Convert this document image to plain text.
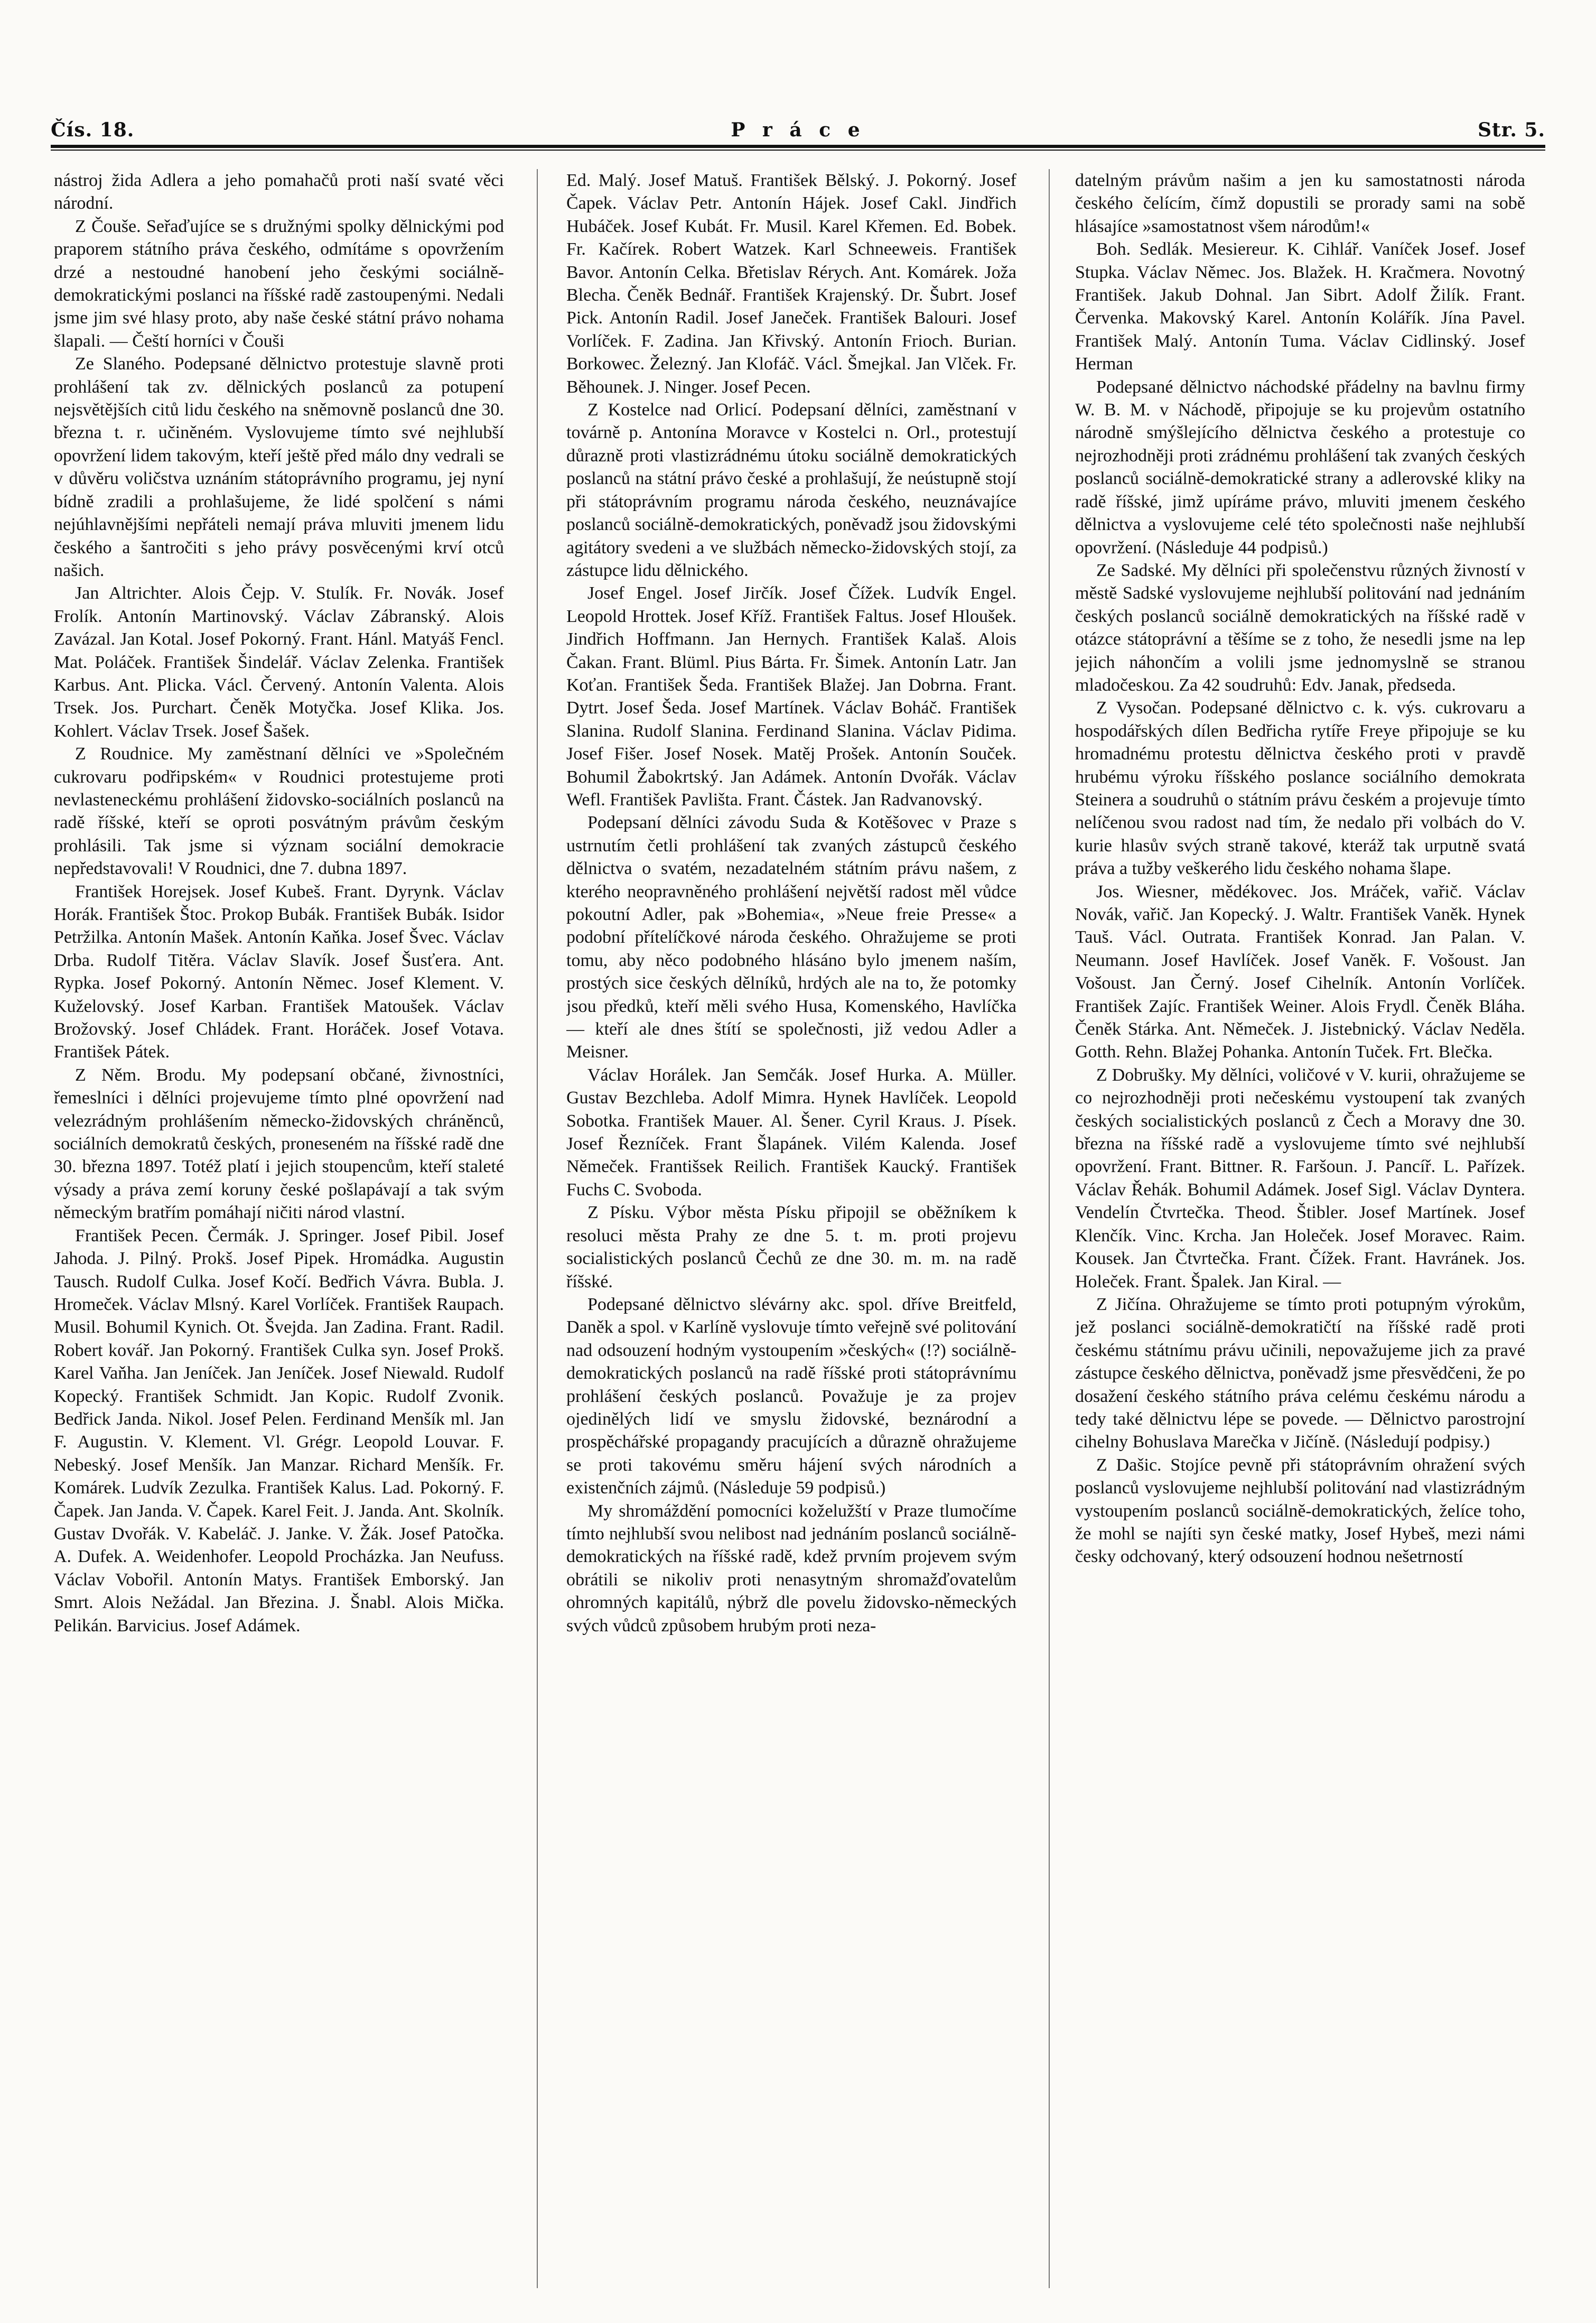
P r á c e
Čís. 18.	Str. 5.

nástroj žida Adlera a jeho pomahačů proti naší svaté věci národní.

Z Čouše. Seřaďujíce se s družnými spolky dělnickými pod praporem státního práva českého, odmítáme s opovržením drzé a nestoudné hanobení jeho českými sociálně-demokratickými poslanci na říšské radě zastoupenými. Nedali jsme jim své hlasy proto, aby naše české státní právo nohama šlapali. — Čeští horníci v Čouši

Ze Slaného. Podepsané dělnictvo protestuje slavně proti prohlášení tak zv. dělnických poslanců za potupení nejsvětějších citů lidu českého na sněmovně poslanců dne 30. března t. r. učiněném. Vyslovujeme tímto své nejhlubší opovržení lidem takovým, kteří ještě před málo dny vedrali se v důvěru voličstva uznáním státoprávního programu, jej nyní bídně zradili a prohlašujeme, že lidé spolčení s námi nejúhlavnějšími nepřáteli nemají práva mluviti jmenem lidu českého a šantročiti s jeho právy posvěcenými krví otců našich.

Jan Altrichter. Alois Čejp. V. Stulík. Fr. Novák. Josef Frolík. Antonín Martinovský. Václav Zábranský. Alois Zavázal. Jan Kotal. Josef Pokorný. Frant. Hánl. Matyáš Fencl. Mat. Poláček. František Šindelář. Václav Zelenka. František Karbus. Ant. Plicka. Václ. Červený. Antonín Valenta. Alois Trsek. Jos. Purchart. Čeněk Motyčka. Josef Klika. Jos. Kohlert. Václav Trsek. Josef Šašek.

Z Roudnice. My zaměstnaní dělníci ve »Společném cukrovaru podřipském« v Roudnici protestujeme proti nevlasteneckému prohlášení židovsko-sociálních poslanců na radě říšské, kteří se oproti posvátným právům českým prohlásili. Tak jsme si význam sociální demokracie nepředstavovali! V Roudnici, dne 7. dubna 1897.

František Horejsek. Josef Kubeš. Frant. Dyrynk. Václav Horák. František Štoc. Prokop Bubák. František Bubák. Isidor Petržilka. Antonín Mašek. Antonín Kaňka. Josef Švec. Václav Drba. Rudolf Titěra. Václav Slavík. Josef Šusťera. Ant. Rypka. Josef Pokorný. Antonín Němec. Josef Klement. V. Kuželovský. Josef Karban. František Matoušek. Václav Brožovský. Josef Chládek. Frant. Horáček. Josef Votava. František Pátek.

Z Něm. Brodu. My podepsaní občané, živnostníci, řemeslníci i dělníci projevujeme tímto plné opovržení nad velezrádným prohlášením německo-židovských chráněnců, sociálních demokratů českých, proneseném na říšské radě dne 30. března 1897. Totéž platí i jejich stoupencům, kteří staleté výsady a práva zemí koruny české pošlapávají a tak svým německým bratřím pomáhají ničiti národ vlastní.

František Pecen. Čermák. J. Springer. Josef Pibil. Josef Jahoda. J. Pilný. Prokš. Josef Pipek. Hromádka. Augustin Tausch. Rudolf Culka. Josef Kočí. Bedřich Vávra. Bubla. J. Hromeček. Václav Mlsný. Karel Vorlíček. František Raupach. Musil. Bohumil Kynich. Ot. Švejda. Jan Zadina. Frant. Radil. Robert kovář. Jan Pokorný. František Culka syn. Josef Prokš. Karel Vaňha. Jan Jeníček. Jan Jeníček. Josef Niewald. Rudolf Kopecký. František Schmidt. Jan Kopic. Rudolf Zvonik. Bedřick Janda. Nikol. Josef Pelen. Ferdinand Menšík ml. Jan F. Augustin. V. Klement. Vl. Grégr. Leopold Louvar. F. Nebeský. Josef Menšík. Jan Manzar. Richard Menšík. Fr. Komárek. Ludvík Zezulka. František Kalus. Lad. Pokorný. F. Čapek. Jan Janda. V. Čapek. Karel Feit. J. Janda. Ant. Skolník. Gustav Dvořák. V. Kabeláč. J. Janke. V. Žák. Josef Patočka. A. Dufek. A. Weidenhofer. Leopold Procházka. Jan Neufuss. Václav Vobořil. Antonín Matys. František Emborský. Jan Smrt. Alois Nežádal. Jan Březina. J. Šnabl. Alois Mička. Pelikán. Barvicius. Josef Adámek.

Ed. Malý. Josef Matuš. František Bělský. J. Pokorný. Josef Čapek. Václav Petr. Antonín Hájek. Josef Cakl. Jindřich Hubáček. Josef Kubát. Fr. Musil. Karel Křemen. Ed. Bobek. Fr. Kačírek. Robert Watzek. Karl Schneeweis. František Bavor. Antonín Celka. Břetislav Rérych. Ant. Komárek. Joža Blecha. Čeněk Bednář. František Krajenský. Dr. Šubrt. Josef Pick. Antonín Radil. Josef Janeček. František Balouri. Josef Vorlíček. F. Zadina. Jan Křivský. Antonín Frioch. Burian. Borkowec. Železný. Jan Klofáč. Václ. Šmejkal. Jan Vlček. Fr. Běhounek. J. Ninger. Josef Pecen.

Z Kostelce nad Orlicí. Podepsaní dělníci, zaměstnaní v továrně p. Antonína Moravce v Kostelci n. Orl., protestují důrazně proti vlastizrádnému útoku sociálně demokratických poslanců na státní právo české a prohlašují, že neústupně stojí při státoprávním programu národa českého, neuznávajíce poslanců sociálně-demokratických, poněvadž jsou židovskými agitátory svedeni a ve službách německo-židovských stojí, za zástupce lidu dělnického.

Josef Engel. Josef Jirčík. Josef Čížek. Ludvík Engel. Leopold Hrottek. Josef Kříž. František Faltus. Josef Hloušek. Jindřich Hoffmann. Jan Hernych. František Kalaš. Alois Čakan. Frant. Blüml. Pius Bárta. Fr. Šimek. Antonín Latr. Jan Koťan. František Šeda. František Blažej. Jan Dobrna. Frant. Dytrt. Josef Šeda. Josef Martínek. Václav Boháč. František Slanina. Rudolf Slanina. Ferdinand Slanina. Václav Pidima. Josef Fišer. Josef Nosek. Matěj Prošek. Antonín Souček. Bohumil Žabokrtský. Jan Adámek. Antonín Dvořák. Václav Wefl. František Pavlišta. Frant. Částek. Jan Radvanovský.

Podepsaní dělníci závodu Suda & Kotěšovec v Praze s ustrnutím četli prohlášení tak zvaných zástupců českého dělnictva o svatém, nezadatelném státním právu našem, z kterého neopravněného prohlášení největší radost měl vůdce pokoutní Adler, pak »Bohemia«, »Neue freie Presse« a podobní přítelíčkové národa českého. Ohražujeme se proti tomu, aby něco podobného hlásáno bylo jmenem naším, prostých sice českých dělníků, hrdých ale na to, že potomky jsou předků, kteří měli svého Husa, Komenského, Havlíčka — kteří ale dnes štítí se společnosti, již vedou Adler a Meisner.

Václav Horálek. Jan Semčák. Josef Hurka. A. Müller. Gustav Bezchleba. Adolf Mimra. Hynek Havlíček. Leopold Sobotka. František Mauer. Al. Šener. Cyril Kraus. J. Písek. Josef Řezníček. Frant Šlapánek. Vilém Kalenda. Josef Němeček. Františsek Reilich. František Kaucký. František Fuchs C. Svoboda.

Z Písku. Výbor města Písku připojil se oběžníkem k resoluci města Prahy ze dne 5. t. m. proti projevu socialistických poslanců Čechů ze dne 30. m. m. na radě říšské.

Podepsané dělnictvo slévárny akc. spol. dříve Breitfeld, Daněk a spol. v Karlíně vyslovuje tímto veřejně své politování nad odsouzení hodným vystoupením »českých« (!?) sociálně-demokratických poslanců na radě říšské proti státoprávnímu prohlášení českých poslanců. Považuje je za projev ojedinělých lidí ve smyslu židovské, beznárodní a prospěchářské propagandy pracujících a důrazně ohražujeme se proti takovému směru hájení svých národních a existenčních zájmů. (Následuje 59 podpisů.)

My shromáždění pomocníci koželužští v Praze tlumočíme tímto nejhlubší svou nelibost nad jednáním poslanců sociálně-demokratických na říšské radě, kdež prvním projevem svým obrátili se nikoliv proti nenasytným shromažďovatelům ohromných kapitálů, nýbrž dle povelu židovsko-německých svých vůdců způsobem hrubým proti neza-

datelným právům našim a jen ku samostatnosti národa českého čelícím, čímž dopustili se prorady sami na sobě hlásajíce »samostatnost všem národům!«

Boh. Sedlák. Mesiereur. K. Cihlář. Vaníček Josef. Josef Stupka. Václav Němec. Jos. Blažek. H. Kračmera. Novotný František. Jakub Dohnal. Jan Sibrt. Adolf Žilík. Frant. Červenka. Makovský Karel. Antonín Kolářík. Jína Pavel. František Malý. Antonín Tuma. Václav Cidlinský. Josef Herman

Podepsané dělnictvo náchodské přádelny na bavlnu firmy W. B. M. v Náchodě, připojuje se ku projevům ostatního národně smýšlejícího dělnictva českého a protestuje co nejrozhodněji proti zrádnému prohlášení tak zvaných českých poslanců sociálně-demokratické strany a adlerovské kliky na radě říšské, jimž upíráme právo, mluviti jmenem českého dělnictva a vyslovujeme celé této společnosti naše nejhlubší opovržení. (Následuje 44 podpisů.)

Ze Sadské. My dělníci při společenstvu různých živností v městě Sadské vyslovujeme nejhlubší politování nad jednáním českých poslanců sociálně demokratických na říšské radě v otázce státoprávní a těšíme se z toho, že nesedli jsme na lep jejich náhončím a volili jsme jednomyslně se stranou mladočeskou. Za 42 soudruhů: Edv. Janak, předseda.

Z Vysočan. Podepsané dělnictvo c. k. výs. cukrovaru a hospodářských dílen Bedřicha rytíře Freye připojuje se ku hromadnému protestu dělnictva českého proti v pravdě hrubému výroku říšského poslance sociálního demokrata Steinera a soudruhů o státním právu českém a projevuje tímto nelíčenou svou radost nad tím, že nedalo při volbách do V. kurie hlasův svých straně takové, kteráž tak urputně svatá práva a tužby veškerého lidu českého nohama šlape.

Jos. Wiesner, mědékovec. Jos. Mráček, vařič. Václav Novák, vařič. Jan Kopecký. J. Waltr. František Vaněk. Hynek Tauš. Václ. Outrata. František Konrad. Jan Palan. V. Neumann. Josef Havlíček. Josef Vaněk. F. Vošoust. Jan Vošoust. Jan Černý. Josef Cihelník. Antonín Vorlíček. František Zajíc. František Weiner. Alois Frydl. Čeněk Bláha. Čeněk Stárka. Ant. Němeček. J. Jistebnický. Václav Neděla. Gotth. Rehn. Blažej Pohanka. Antonín Tuček. Frt. Blečka.

Z Dobrušky. My dělníci, voličové v V. kurii, ohražujeme se co nejrozhodněji proti nečeskému vystoupení tak zvaných českých socialistických poslanců z Čech a Moravy dne 30. března na říšské radě a vyslovujeme tímto své nejhlubší opovržení. Frant. Bittner. R. Faršoun. J. Pancíř. L. Pařízek. Václav Řehák. Bohumil Adámek. Josef Sigl. Václav Dyntera. Vendelín Čtvrtečka. Theod. Štibler. Josef Martínek. Josef Klenčík. Vinc. Krcha. Jan Holeček. Josef Moravec. Raim. Kousek. Jan Čtvrtečka. Frant. Čížek. Frant. Havránek. Jos. Holeček. Frant. Špalek. Jan Kiral. —

Z Jičína. Ohražujeme se tímto proti potupným výrokům, jež poslanci sociálně-demokratičtí na říšské radě proti českému státnímu právu učinili, nepovažujeme jich za pravé zástupce českého dělnictva, poněvadž jsme přesvědčeni, že po dosažení českého státního práva celému českému národu a tedy také dělnictvu lépe se povede. — Dělnictvo parostrojní cihelny Bohuslava Marečka v Jičíně. (Následují podpisy.)

Z Dašic. Stojíce pevně při státoprávním ohražení svých poslanců vyslovujeme nejhlubší politování nad vlastizrádným vystoupením poslanců sociálně-demokratických, želíce toho, že mohl se najíti syn české matky, Josef Hybeš, mezi námi česky odchovaný, který odsouzení hodnou nešetrností
